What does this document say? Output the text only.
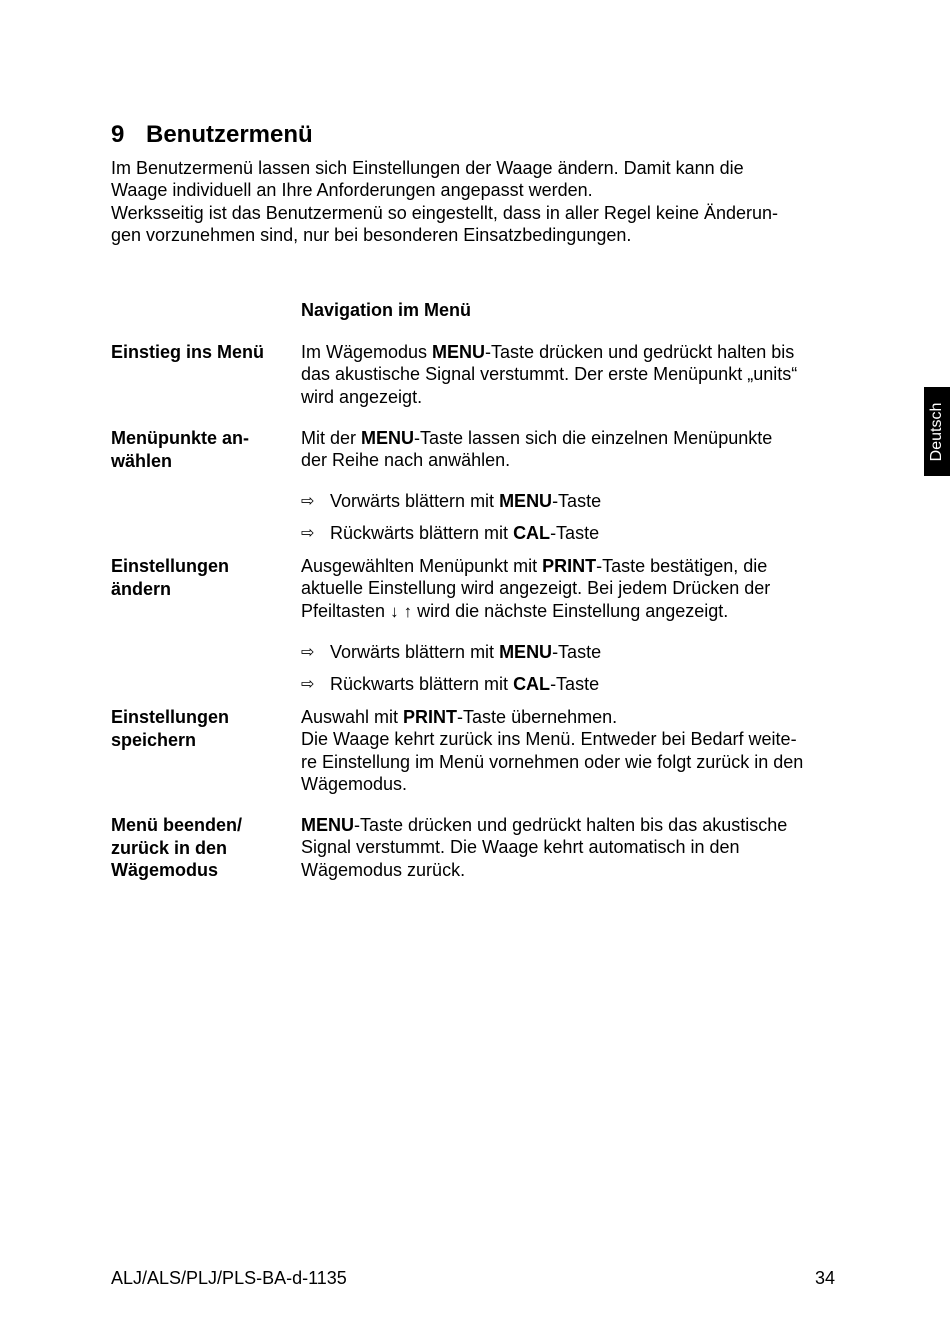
9 Benutzermenü
Im Benutzermenü lassen sich Einstellungen der Waage ändern. Damit kann die
Waage individuell an Ihre Anforderungen angepasst werden.
Werksseitig ist das Benutzermenü so eingestellt, dass in aller Regel keine Änderun-
gen vorzunehmen sind, nur bei besonderen Einsatzbedingungen.
Navigation im Menü
Einstieg ins Menü	Im Wägemodus MENU-Taste drücken und gedrückt halten bis
das akustische Signal verstummt. Der erste Menüpunkt „units“
wird angezeigt.
Menüpunkte an-
wählen
Mit der MENU-Taste lassen sich die einzelnen Menüpunkte
der Reihe nach anwählen.
⇨ Vorwärts blättern mit MENU-Taste
⇨ Rückwärts blättern mit CAL-Taste
Einstellungen
ändern
Ausgewählten Menüpunkt mit PRINT-Taste bestätigen, die
aktuelle Einstellung wird angezeigt. Bei jedem Drücken der
Pfeiltasten ↓ ↑ wird die nächste Einstellung angezeigt.
⇨ Vorwärts blättern mit MENU-Taste
⇨ Rückwarts blättern mit CAL-Taste
Einstellungen
speichern
Auswahl mit PRINT-Taste übernehmen.
Die Waage kehrt zurück ins Menü. Entweder bei Bedarf weite-
re Einstellung im Menü vornehmen oder wie folgt zurück in den
Wägemodus.
Menü beenden/
zurück in den
Wägemodus
MENU-Taste drücken und gedrückt halten bis das akustische
Signal verstummt. Die Waage kehrt automatisch in den
Wägemodus zurück.
Deutsch
ALJ/ALS/PLJ/PLS-BA-d-1135	34
